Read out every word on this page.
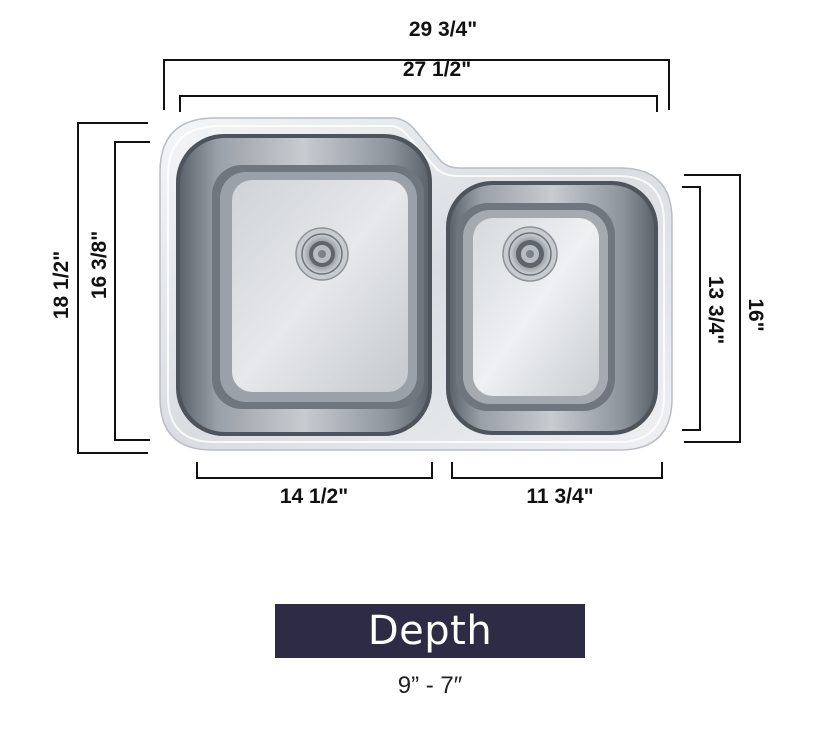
29 3/4"
27 1/2"
18 1/2" 16 3/8"
13 3/4" 16"
14 1/2"	11 3/4"
Depth
9” - 7″
